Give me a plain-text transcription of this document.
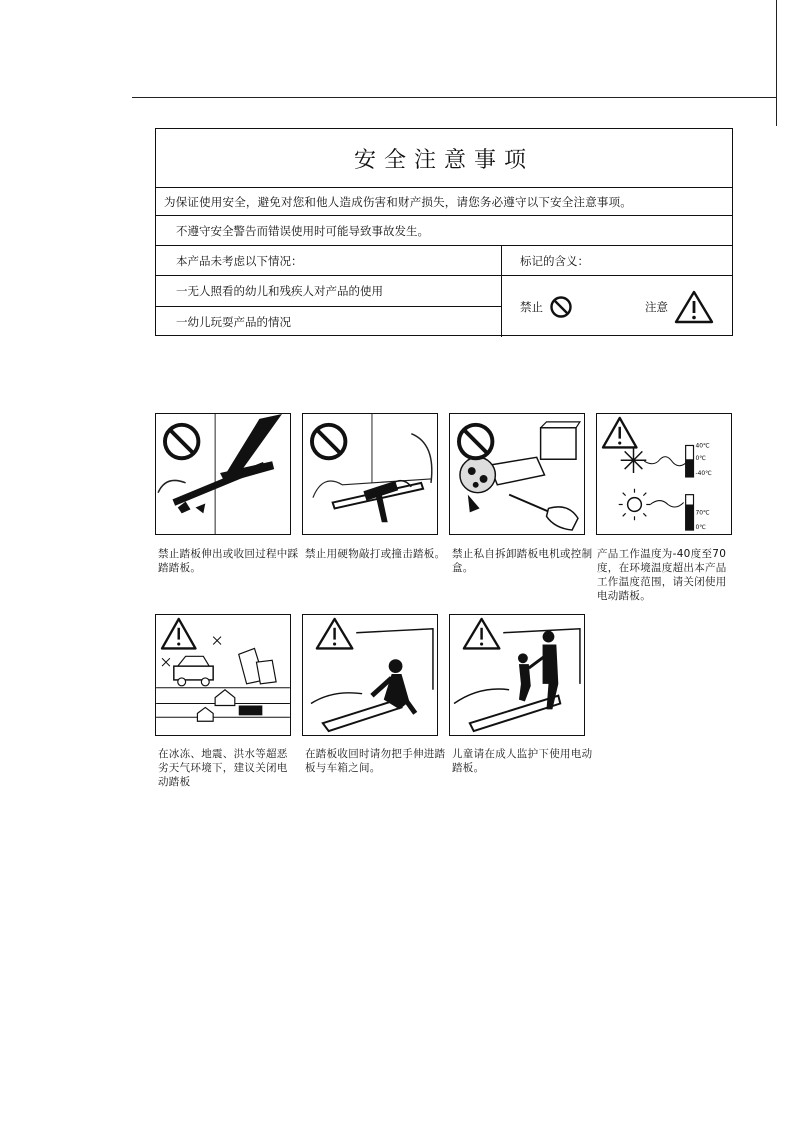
安全注意事项
为保证使用安全，避免对您和他人造成伤害和财产损失，请您务必遵守以下安全注意事项。
不遵守安全警告而错误使用时可能导致事故发生。
本产品未考虑以下情况：	标记的含义：
一无人照看的幼儿和残疾人对产品的使用
一幼儿玩耍产品的情况
禁止	注意
禁止踏板伸出或收回过程中踩踏踏板。
禁止用硬物敲打或撞击踏板。 禁止私自拆卸踏板电机或控制盒。
40℃
0℃
-40℃
70℃
0℃
产品工作温度为-40度至70度，在环境温度超出本产品工作温度范围，请关闭使用电动踏板。
在冰冻、地震、洪水等超恶劣天气环境下，建议关闭电动踏板
在踏板收回时请勿把手伸进踏板与车箱之间。
儿童请在成人监护下使用电动踏板。
